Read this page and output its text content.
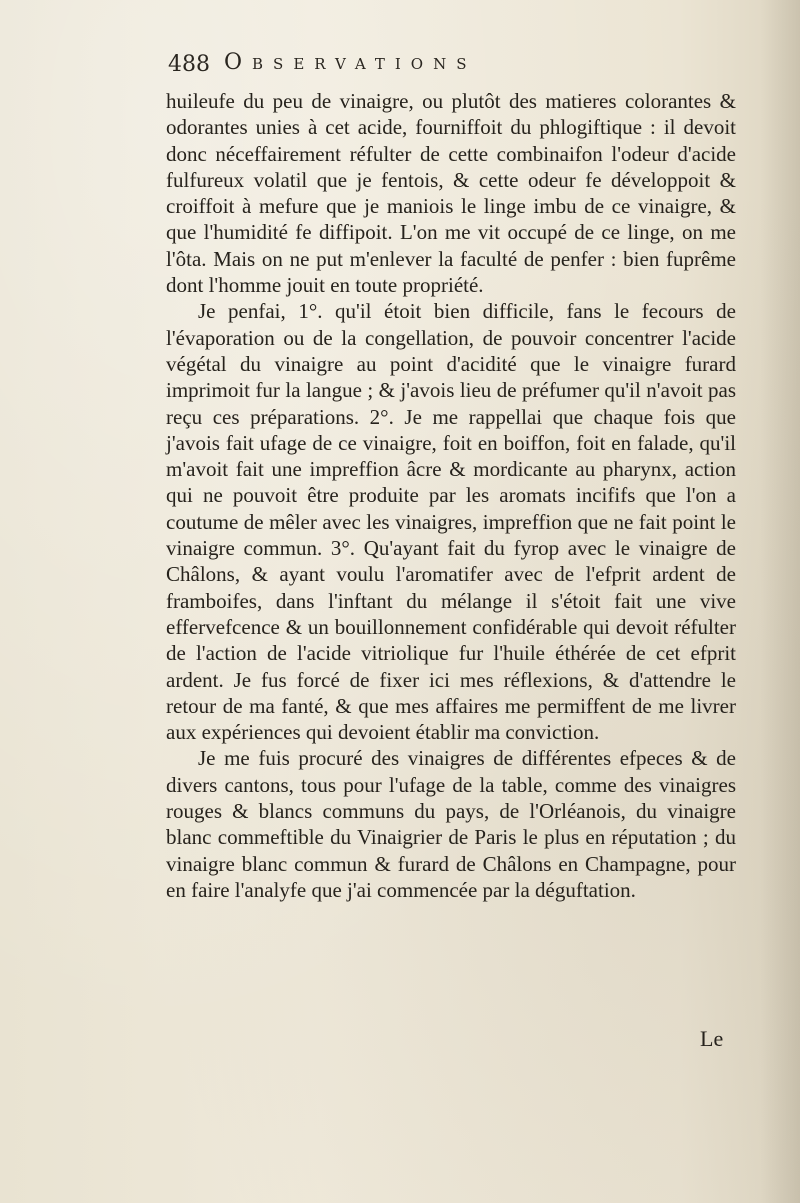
488 Observations

huileufe du peu de vinaigre, ou plutôt des matieres colorantes & odorantes unies à cet acide, fourniffoit du phlogiftique : il devoit donc néceffairement réfulter de cette combinaifon l'odeur d'acide fulfureux volatil que je fentois, & cette odeur fe développoit & croiffoit à mefure que je maniois le linge imbu de ce vinaigre, & que l'humidité fe diffipoit. L'on me vit occupé de ce linge, on me l'ôta. Mais on ne put m'enlever la faculté de penfer : bien fuprême dont l'homme jouit en toute propriété.

Je penfai, 1°. qu'il étoit bien difficile, fans le fecours de l'évaporation ou de la congellation, de pouvoir concentrer l'acide végétal du vinaigre au point d'acidité que le vinaigre furard imprimoit fur la langue ; & j'avois lieu de préfumer qu'il n'avoit pas reçu ces préparations. 2°. Je me rappellai que chaque fois que j'avois fait ufage de ce vinaigre, foit en boiffon, foit en falade, qu'il m'avoit fait une impreffion âcre & mordicante au pharynx, action qui ne pouvoit être produite par les aromats incififs que l'on a coutume de mêler avec les vinaigres, impreffion que ne fait point le vinaigre commun. 3°. Qu'ayant fait du fyrop avec le vinaigre de Châlons, & ayant voulu l'aromatifer avec de l'efprit ardent de framboifes, dans l'inftant du mélange il s'étoit fait une vive effervefcence & un bouillonnement confidérable qui devoit réfulter de l'action de l'acide vitriolique fur l'huile éthérée de cet efprit ardent. Je fus forcé de fixer ici mes réflexions, & d'attendre le retour de ma fanté, & que mes affaires me permiffent de me livrer aux expériences qui devoient établir ma conviction.

Je me fuis procuré des vinaigres de différentes efpeces & de divers cantons, tous pour l'ufage de la table, comme des vinaigres rouges & blancs communs du pays, de l'Orléanois, du vinaigre blanc commeftible du Vinaigrier de Paris le plus en réputation ; du vinaigre blanc commun & furard de Châlons en Champagne, pour en faire l'analyfe que j'ai commencée par la déguftation.

Le
